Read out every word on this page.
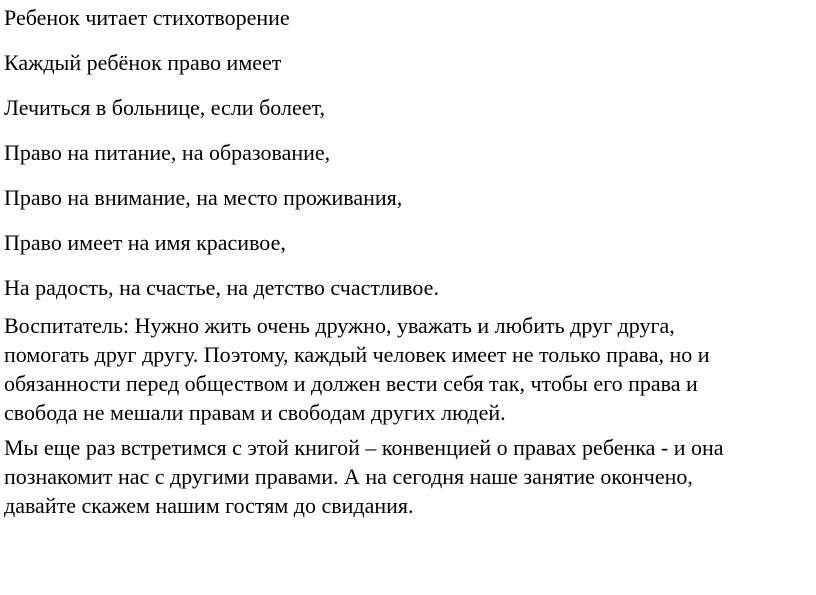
Ребенок читает стихотворение

Каждый ребёнок право имеет

Лечиться в больнице, если болеет,

Право на питание, на образование,

Право на внимание, на место проживания,

Право имеет на имя красивое,

На радость, на счастье, на детство счастливое.

Воспитатель: Нужно жить очень дружно, уважать и любить друг друга,
помогать друг другу. Поэтому, каждый человек имеет не только права, но и
обязанности перед обществом и должен вести себя так, чтобы его права и
свобода не мешали правам и свободам других людей.
Мы еще раз встретимся с этой книгой – конвенцией о правах ребенка - и она
познакомит нас с другими правами. А на сегодня наше занятие окончено,
давайте скажем нашим гостям до свидания.
